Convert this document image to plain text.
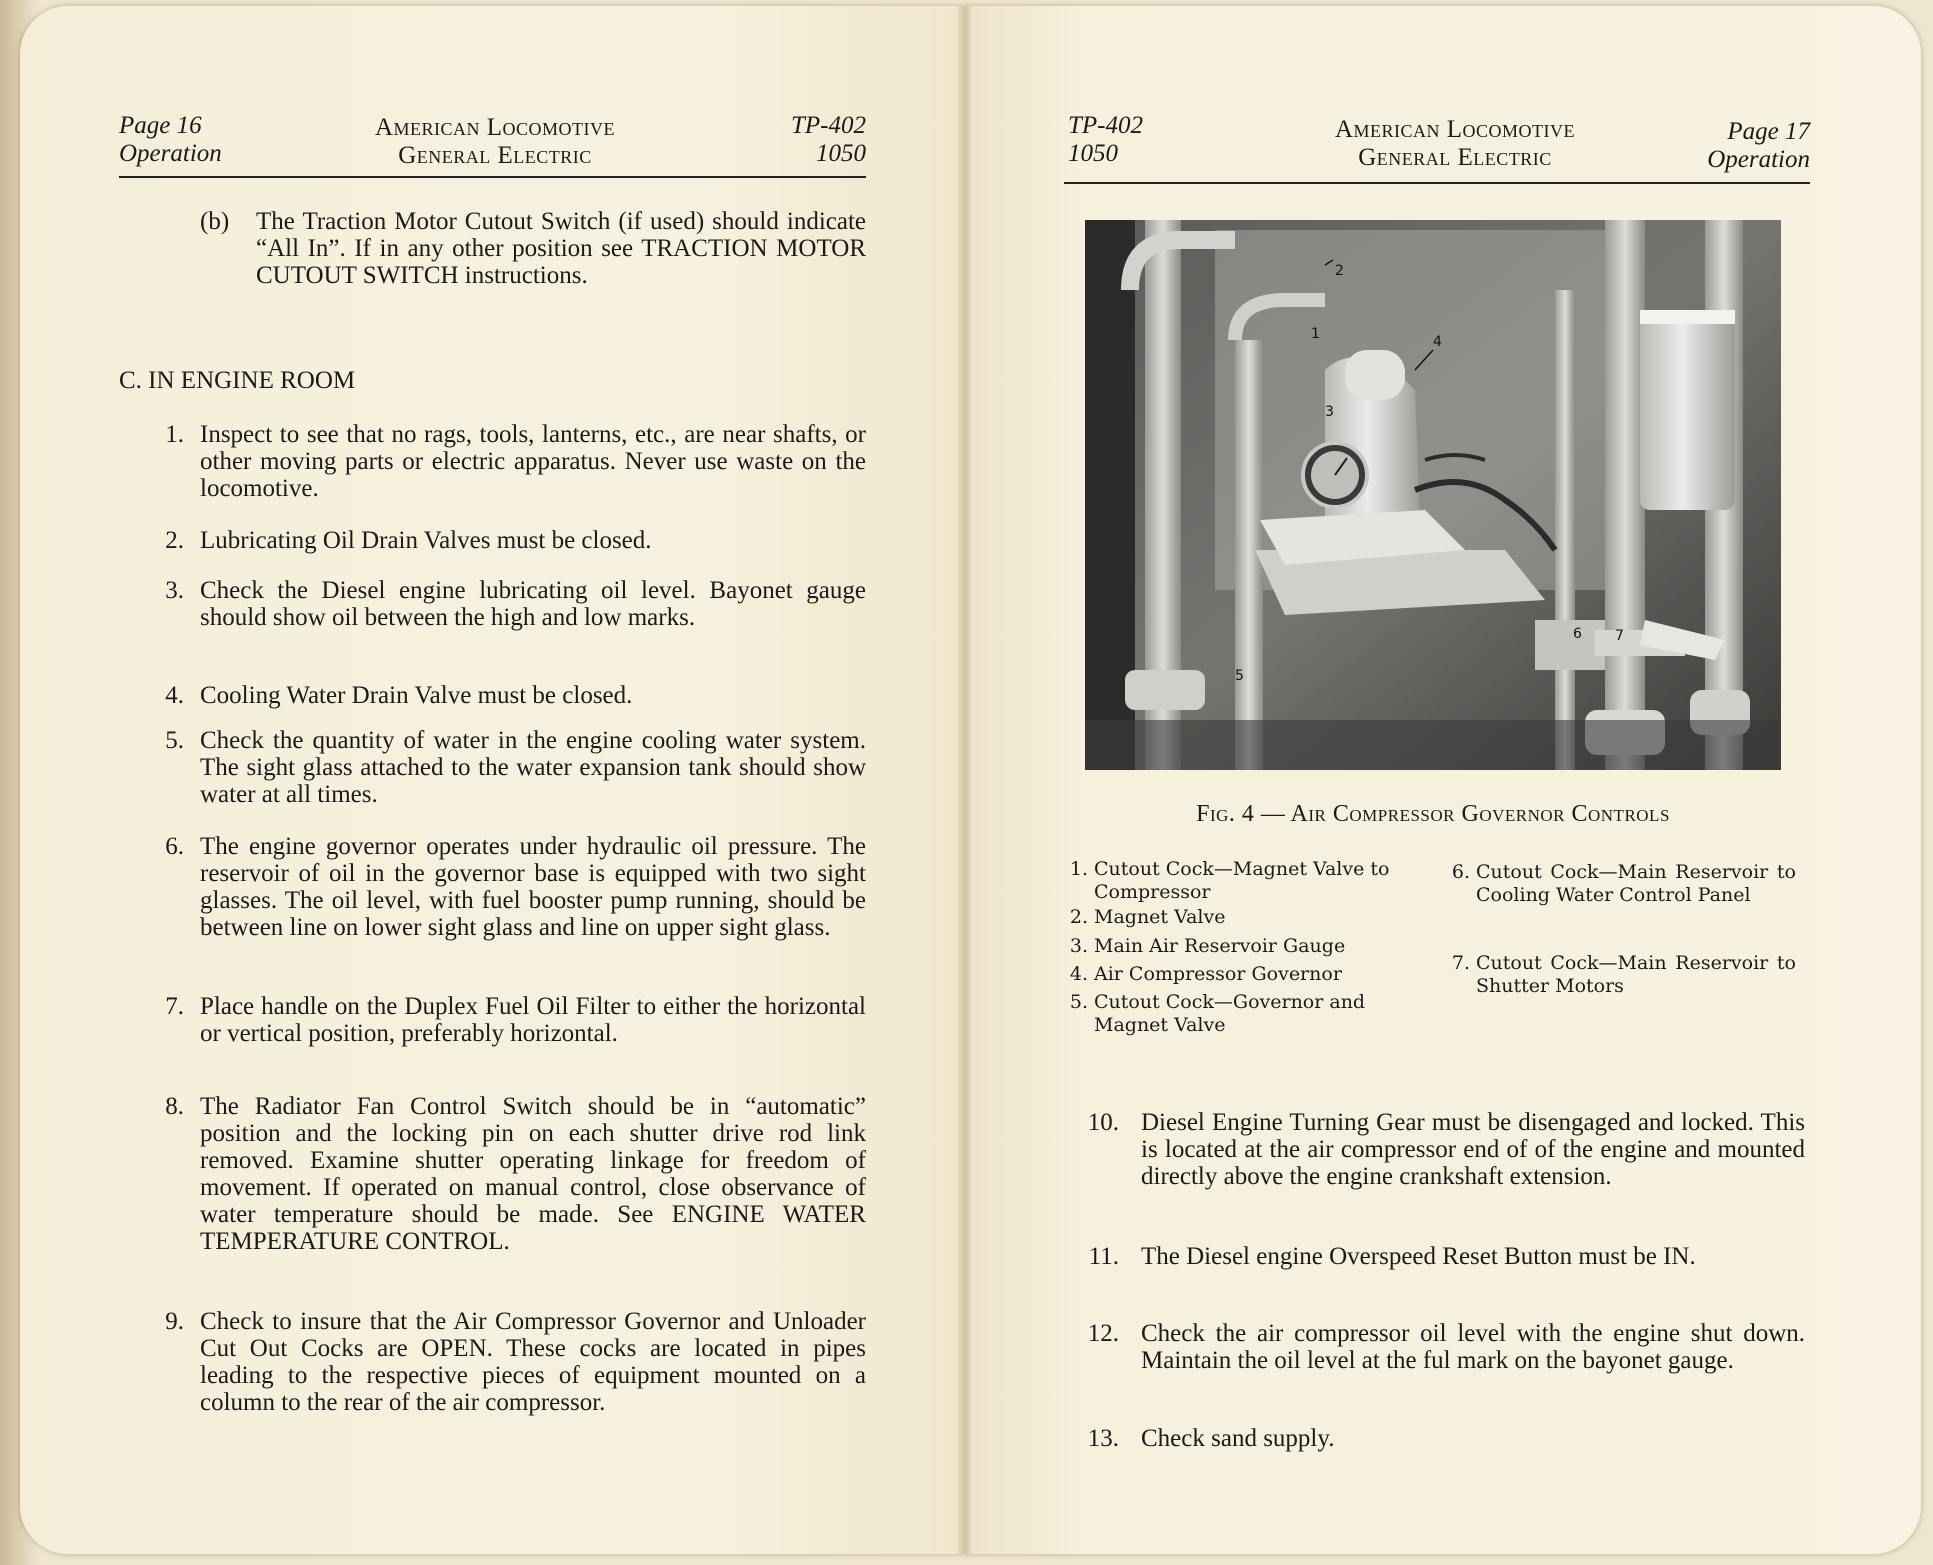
Page 16
Operation
American Locomotive
General Electric
TP-402
1050
(b)	The Traction Motor Cutout Switch (if used) should indicate “All In”. If in any other position see TRACTION MOTOR CUTOUT SWITCH instructions.
C. IN ENGINE ROOM
1. Inspect to see that no rags, tools, lanterns, etc., are near shafts, or other moving parts or electric apparatus. Never use waste on the locomotive.
2. Lubricating Oil Drain Valves must be closed.
3. Check the Diesel engine lubricating oil level. Bayonet gauge should show oil between the high and low marks.
4. Cooling Water Drain Valve must be closed.
5. Check the quantity of water in the engine cooling water system. The sight glass attached to the water expansion tank should show water at all times.
6. The engine governor operates under hydraulic oil pressure. The reservoir of oil in the governor base is equipped with two sight glasses. The oil level, with fuel booster pump running, should be between line on lower sight glass and line on upper sight glass.
7. Place handle on the Duplex Fuel Oil Filter to either the horizontal or vertical position, preferably horizontal.
8. The Radiator Fan Control Switch should be in “automatic” position and the locking pin on each shutter drive rod link removed. Examine shutter operating linkage for freedom of movement. If operated on manual control, close observance of water temperature should be made. See ENGINE WATER TEMPERATURE CONTROL.
9. Check to insure that the Air Compressor Governor and Unloader Cut Out Cocks are OPEN. These cocks are located in pipes leading to the respective pieces of equipment mounted on a column to the rear of the air compressor.
TP-402
1050
American Locomotive
General Electric
Page 17
Operation
2
1
3
4
5
6 7
Fig. 4 — Air Compressor Governor Controls
1. Cutout Cock—Magnet Valve to Compressor
2. Magnet Valve
3. Main Air Reservoir Gauge
4. Air Compressor Governor
5. Cutout Cock—Governor and Magnet Valve
6. Cutout Cock—Main Reservoir to Cooling Water Control Panel
7. Cutout Cock—Main Reservoir to Shutter Motors
10. Diesel Engine Turning Gear must be disengaged and locked. This is located at the air compressor end of of the engine and mounted directly above the engine crankshaft extension.
11. The Diesel engine Overspeed Reset Button must be IN.
12. Check the air compressor oil level with the engine shut down. Maintain the oil level at the ful mark on the bayonet gauge.
13. Check sand supply.
